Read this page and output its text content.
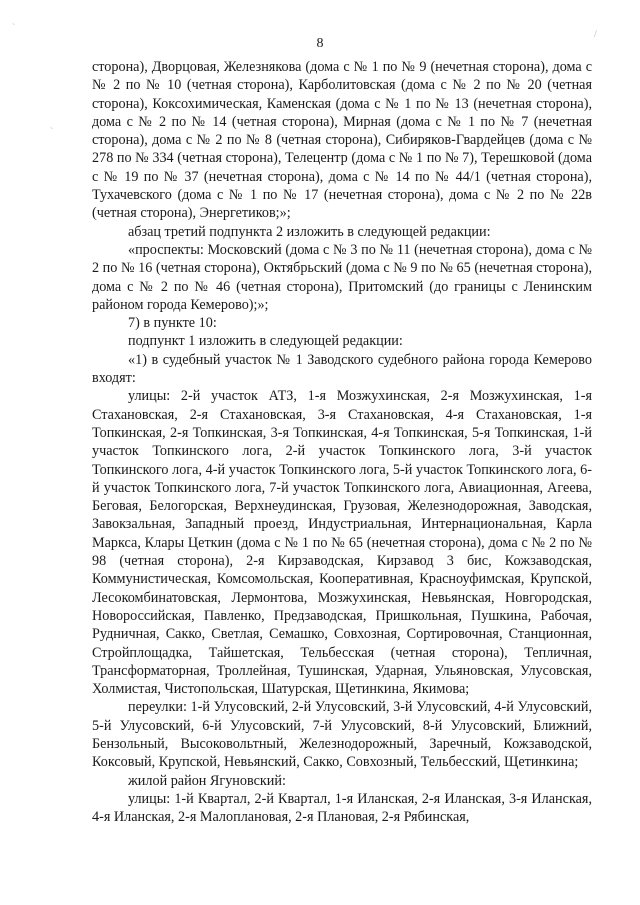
`
`
/
8

сторона), Дворцовая, Железнякова (дома с № 1 по № 9 (нечетная сторона), дома с № 2 по № 10 (четная сторона), Карболитовская (дома с № 2 по № 20 (четная сторона), Коксохимическая, Каменская (дома с № 1 по № 13 (нечетная сторона), дома с № 2 по № 14 (четная сторона), Мирная (дома с № 1 по № 7 (нечетная сторона), дома с № 2 по № 8 (четная сторона), Сибиряков-Гвардейцев (дома с № 278 по № 334 (четная сторона), Телецентр (дома с № 1 по № 7), Терешковой (дома с № 19 по № 37 (нечетная сторона), дома с № 14 по № 44/1 (четная сторона), Тухачевского (дома с № 1 по № 17 (нечетная сторона), дома с № 2 по № 22в (четная сторона), Энергетиков;»;

абзац третий подпункта 2 изложить в следующей редакции:

«проспекты: Московский (дома с № 3 по № 11 (нечетная сторона), дома с № 2 по № 16 (четная сторона), Октябрьский (дома с № 9 по № 65 (нечетная сторона), дома с № 2 по № 46 (четная сторона), Притомский (до границы с Ленинским районом города Кемерово);»;

7) в пункте 10:

подпункт 1 изложить в следующей редакции:

«1) в судебный участок № 1 Заводского судебного района города Кемерово входят:

улицы: 2-й участок АТЗ, 1-я Мозжухинская, 2-я Мозжухинская, 1-я Стахановская, 2-я Стахановская, 3-я Стахановская, 4-я Стахановская, 1-я Топкинская, 2-я Топкинская, 3-я Топкинская, 4-я Топкинская, 5-я Топкинская, 1-й участок Топкинского лога, 2-й участок Топкинского лога, 3-й участок Топкинского лога, 4-й участок Топкинского лога, 5-й участок Топкинского лога, 6-й участок Топкинского лога, 7-й участок Топкинского лога, Авиационная, Агеева, Беговая, Белогорская, Верхнеудинская, Грузовая, Железнодорожная, Заводская, Завокзальная, Западный проезд, Индустриальная, Интернациональная, Карла Маркса, Клары Цеткин (дома с № 1 по № 65 (нечетная сторона), дома с № 2 по № 98 (четная сторона), 2-я Кирзаводская, Кирзавод 3 бис, Кожзаводская, Коммунистическая, Комсомольская, Кооперативная, Красноуфимская, Крупской, Лесокомбинатовская, Лермонтова, Мозжухинская, Невьянская, Новгородская, Новороссийская, Павленко, Предзаводская, Пришкольная, Пушкина, Рабочая, Рудничная, Сакко, Светлая, Семашко, Совхозная, Сортировочная, Станционная, Стройплощадка, Тайшетская, Тельбесская (четная сторона), Тепличная, Трансформаторная, Троллейная, Тушинская, Ударная, Ульяновская, Улусовская, Холмистая, Чистопольская, Шатурская, Щетинкина, Якимова;

переулки: 1-й Улусовский, 2-й Улусовский, 3-й Улусовский, 4-й Улусовский, 5-й Улусовский, 6-й Улусовский, 7-й Улусовский, 8-й Улусовский, Ближний, Бензольный, Высоковольтный, Железнодорожный, Заречный, Кожзаводской, Коксовый, Крупской, Невьянский, Сакко, Совхозный, Тельбесский, Щетинкина;

жилой район Ягуновский:

улицы: 1-й Квартал, 2-й Квартал, 1-я Иланская, 2-я Иланская, 3-я Иланская, 4-я Иланская, 2-я Малоплановая, 2-я Плановая, 2-я Рябинская,
